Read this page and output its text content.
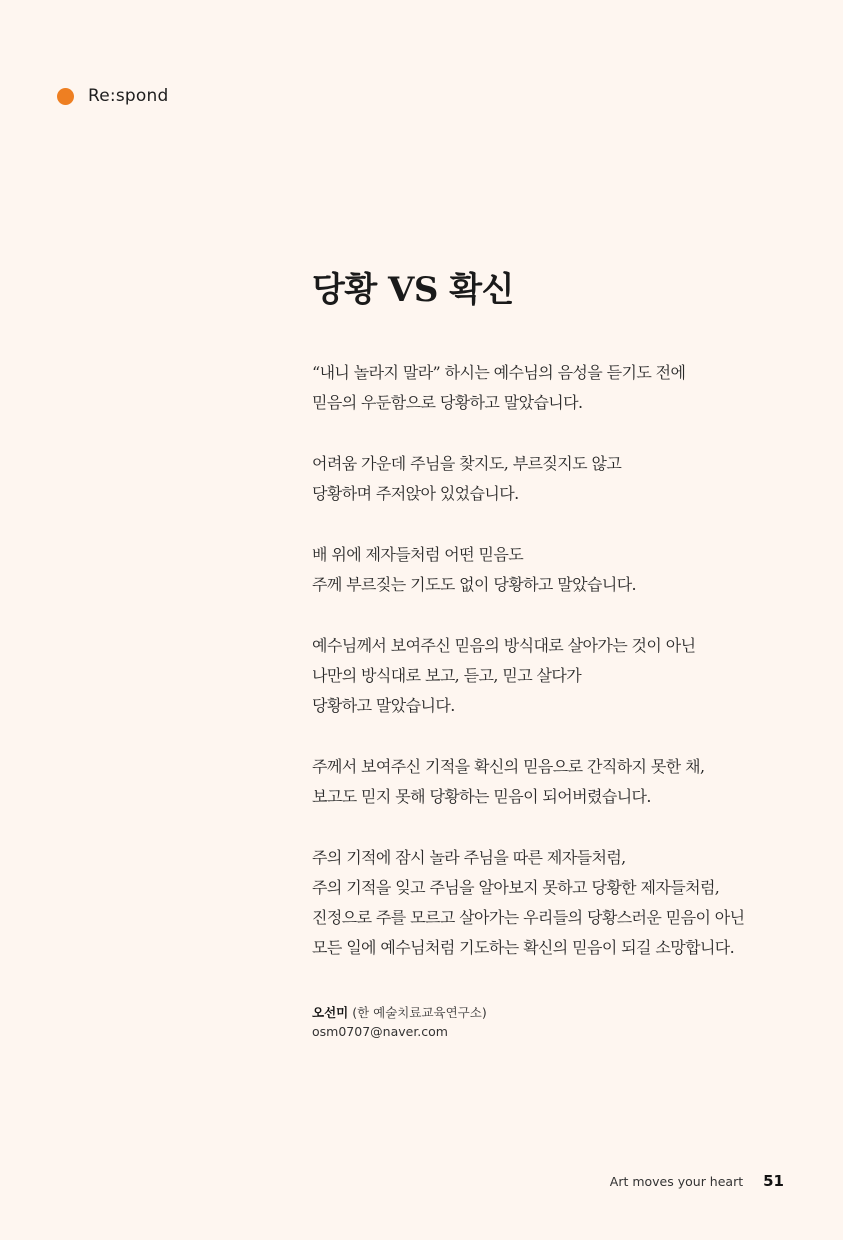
Re:spond
당황 VS 확신

“내니 놀라지 말라” 하시는 예수님의 음성을 듣기도 전에
믿음의 우둔함으로 당황하고 말았습니다.

어려움 가운데 주님을 찾지도, 부르짖지도 않고
당황하며 주저앉아 있었습니다.

배 위에 제자들처럼 어떤 믿음도
주께 부르짖는 기도도 없이 당황하고 말았습니다.

예수님께서 보여주신 믿음의 방식대로 살아가는 것이 아닌
나만의 방식대로 보고, 듣고, 믿고 살다가
당황하고 말았습니다.

주께서 보여주신 기적을 확신의 믿음으로 간직하지 못한 채,
보고도 믿지 못해 당황하는 믿음이 되어버렸습니다.

주의 기적에 잠시 놀라 주님을 따른 제자들처럼,
주의 기적을 잊고 주님을 알아보지 못하고 당황한 제자들처럼,
진정으로 주를 모르고 살아가는 우리들의 당황스러운 믿음이 아닌
모든 일에 예수님처럼 기도하는 확신의 믿음이 되길 소망합니다.

오선미 (한 예술치료교육연구소)
osm0707@naver.com
Art moves your heart 51
